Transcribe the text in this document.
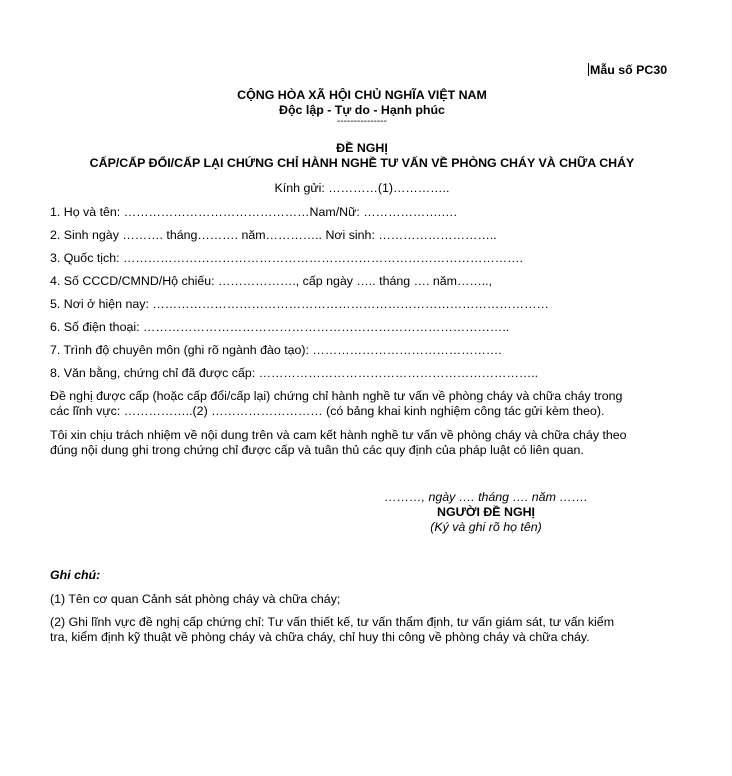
Mẫu số PC30
CỘNG HÒA XÃ HỘI CHỦ NGHĨA VIỆT NAM
Độc lập - Tự do - Hạnh phúc
---------------
ĐỀ NGHỊ
CẤP/CẤP ĐỔI/CẤP LẠI CHỨNG CHỈ HÀNH NGHỀ TƯ VẤN VỀ PHÒNG CHÁY VÀ CHỮA CHÁY
Kính gửi: …………(1)…………..
1. Họ và tên: ………………………………………Nam/Nữ: ……………….….
2. Sinh ngày ………. tháng………. năm………….. Nơi sinh: ………………………..
3. Quốc tịch: …………………………………………………………………………………….
4. Số CCCD/CMND/Hộ chiếu: ………………., cấp ngày ….. tháng …. năm……..,
5. Nơi ở hiện nay: ……………………………………………………………………………………
6. Số điện thoại: ……………………………………………………………………………..
7. Trình độ chuyên môn (ghi rõ ngành đào tạo): ……………………………………….
8. Văn bằng, chứng chỉ đã được cấp: …………………………………………………………..
Đề nghị được cấp (hoặc cấp đổi/cấp lại) chứng chỉ hành nghề tư vấn về phòng cháy và chữa cháy trong
các lĩnh vực: ……………..(2) ……………………… (có bảng khai kinh nghiệm công tác gửi kèm theo).
Tôi xin chịu trách nhiệm về nội dung trên và cam kết hành nghề tư vấn về phòng cháy và chữa cháy theo
đúng nội dung ghi trong chứng chỉ được cấp và tuân thủ các quy định của pháp luật có liên quan.
………, ngày …. tháng …. năm …….
NGƯỜI ĐỀ NGHỊ
(Ký và ghi rõ họ tên)
Ghi chú:
(1) Tên cơ quan Cảnh sát phòng cháy và chữa cháy;
(2) Ghi lĩnh vực đề nghị cấp chứng chỉ: Tư vấn thiết kế, tư vấn thẩm định, tư vấn giám sát, tư vấn kiểm
tra, kiểm định kỹ thuật về phòng cháy và chữa cháy, chỉ huy thi công về phòng cháy và chữa cháy.
